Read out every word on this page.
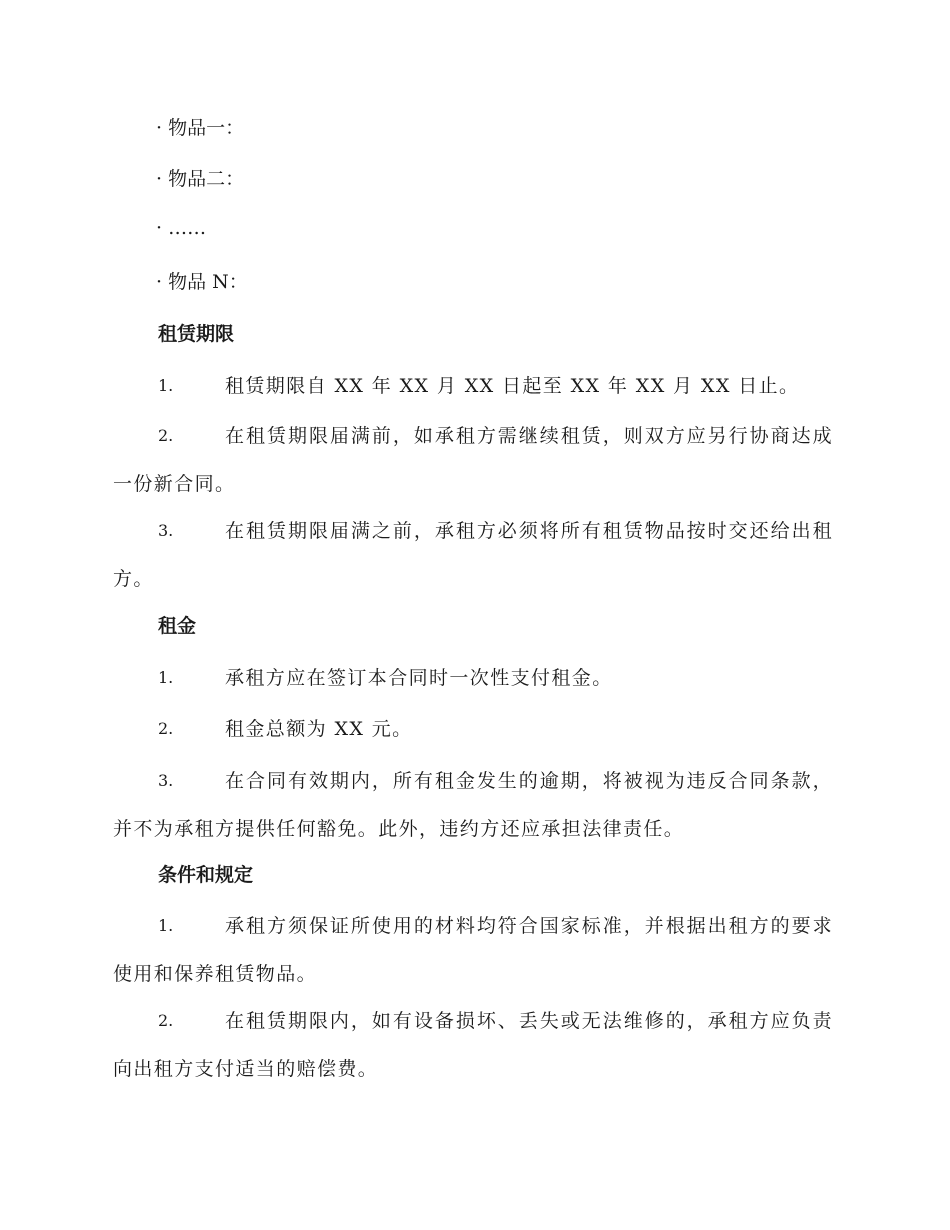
· 物品一：
· 物品二：
· ……
· 物品 N：
租赁期限
1.	租赁期限自 XX 年 XX 月 XX 日起至 XX 年 XX 月 XX 日止。

2.	在租赁期限届满前，如承租方需继续租赁，则双方应另行协商达成一份新合同。

3.	在租赁期限届满之前，承租方必须将所有租赁物品按时交还给出租方。

租金
1.	承租方应在签订本合同时一次性支付租金。

2.	租金总额为 XX 元。

3.	在合同有效期内，所有租金发生的逾期，将被视为违反合同条款，并不为承租方提供任何豁免。此外，违约方还应承担法律责任。

条件和规定
1.	承租方须保证所使用的材料均符合国家标准，并根据出租方的要求使用和保养租赁物品。

2.	在租赁期限内，如有设备损坏、丢失或无法维修的，承租方应负责向出租方支付适当的赔偿费。
